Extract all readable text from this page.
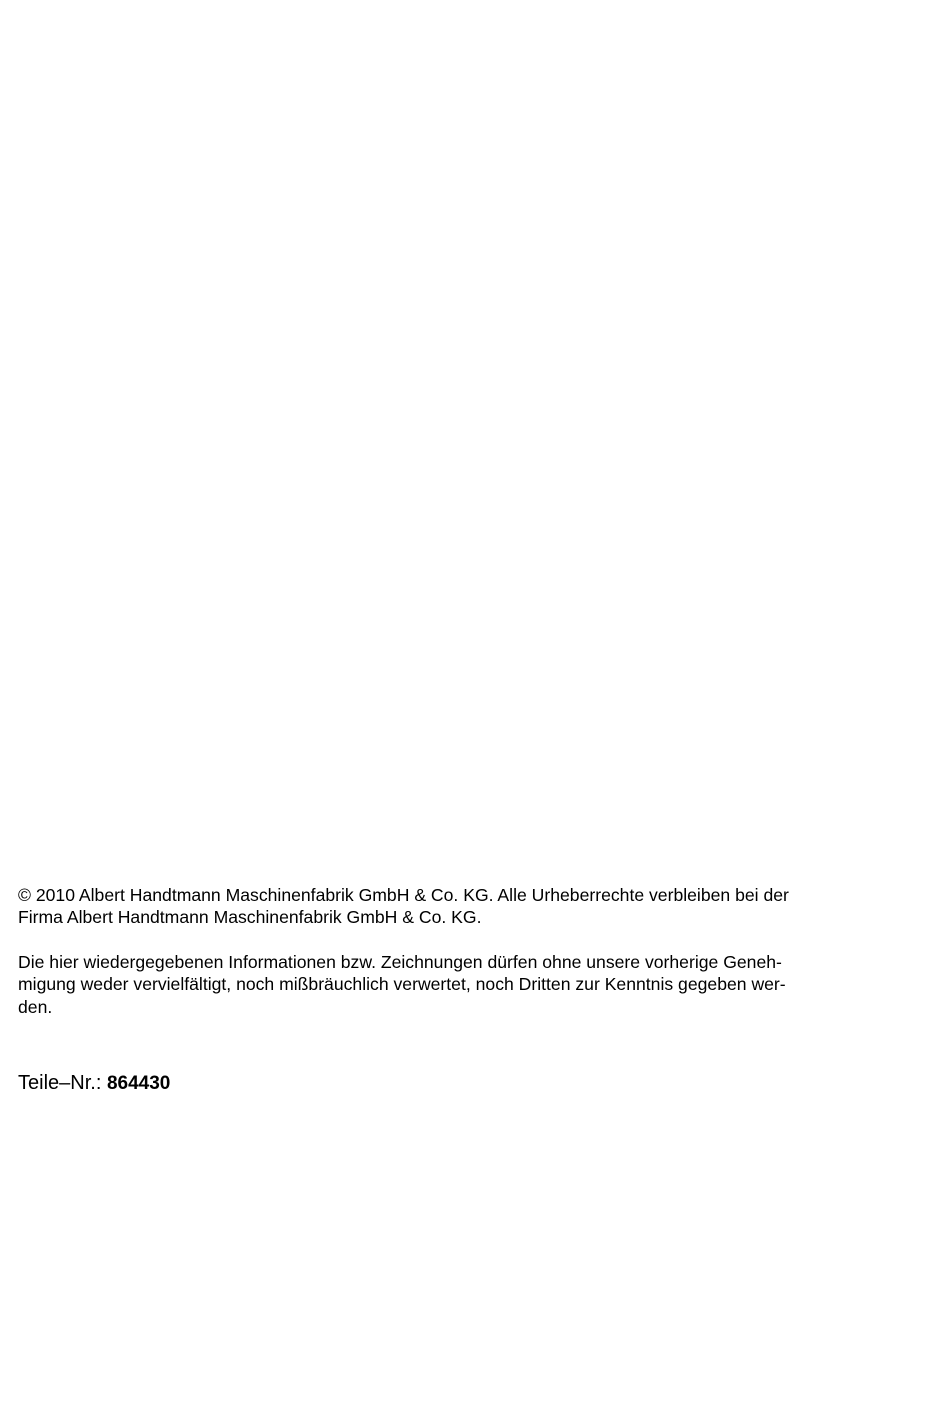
© 2010 Albert Handtmann Maschinenfabrik GmbH & Co. KG. Alle Urheberrechte verbleiben bei der
Firma Albert Handtmann Maschinenfabrik GmbH & Co. KG.

Die hier wiedergegebenen Informationen bzw. Zeichnungen dürfen ohne unsere vorherige Geneh-
migung weder vervielfältigt, noch mißbräuchlich verwertet, noch Dritten zur Kenntnis gegeben wer-
den.

Teile–Nr.: 864430
